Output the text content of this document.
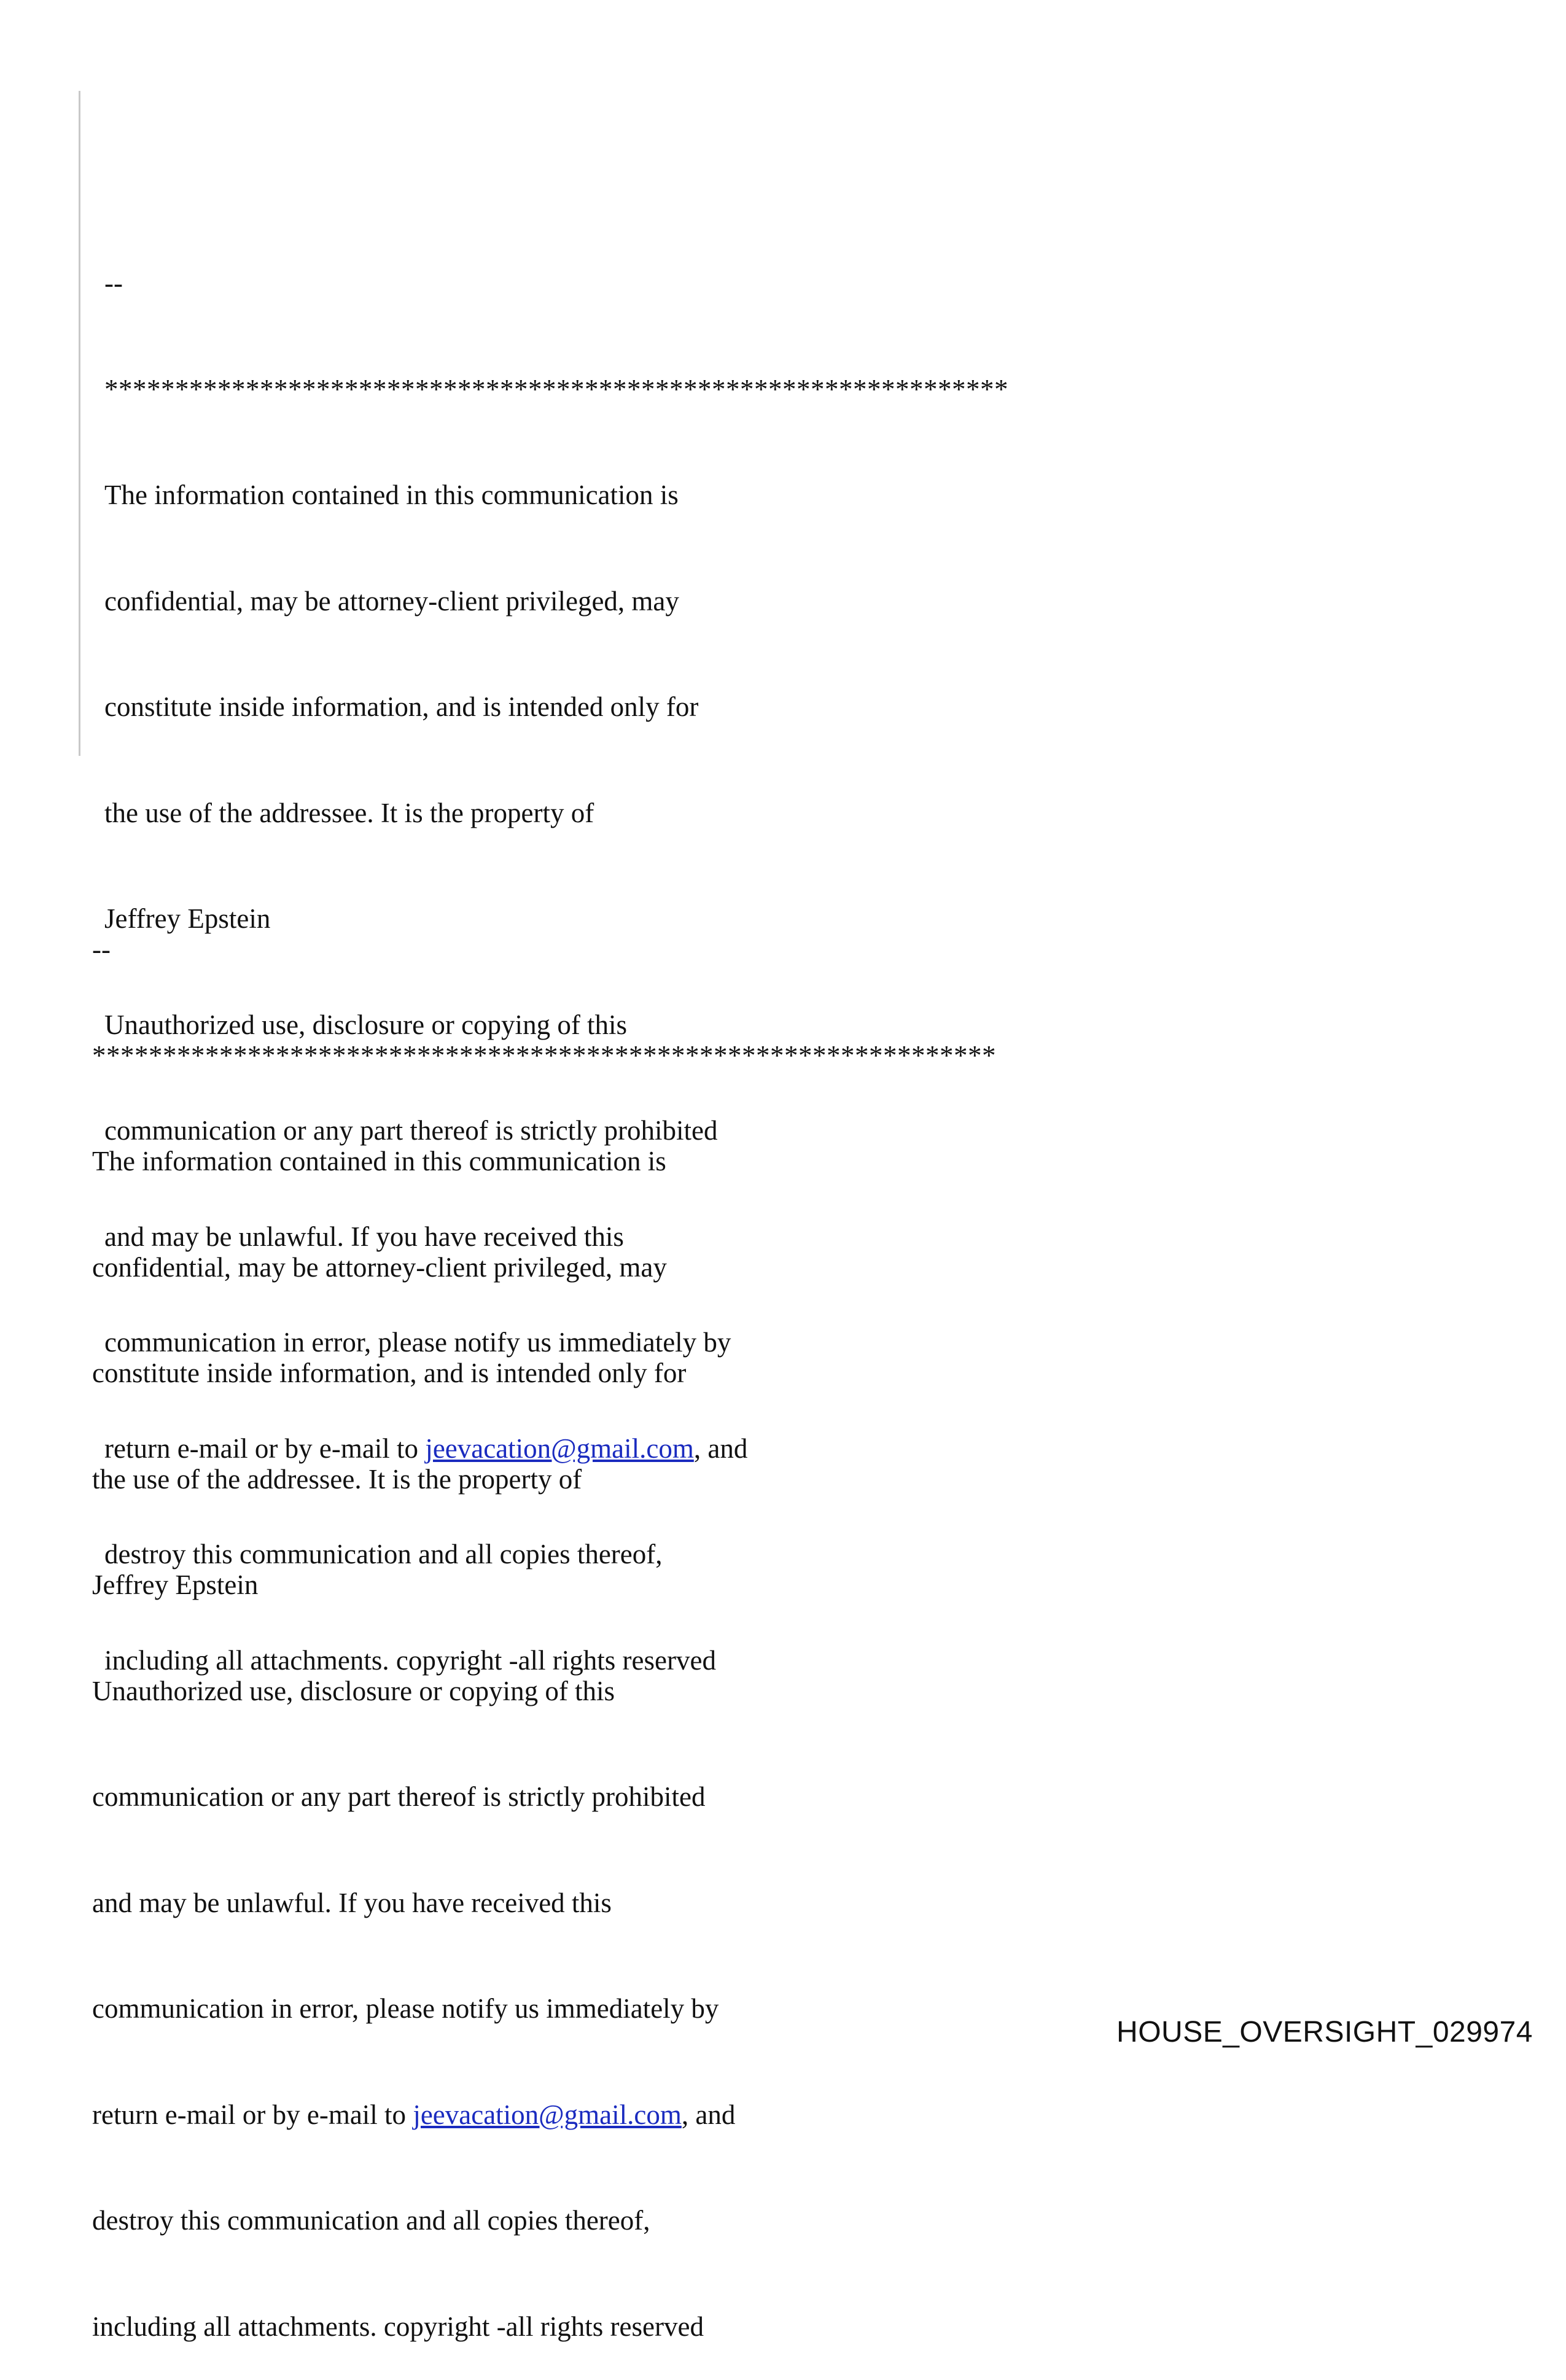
--

****************************************************************

The information contained in this communication is

confidential, may be attorney-client privileged, may

constitute inside information, and is intended only for

the use of the addressee. It is the property of

Jeffrey Epstein

Unauthorized use, disclosure or copying of this

communication or any part thereof is strictly prohibited

and may be unlawful. If you have received this

communication in error, please notify us immediately by

return e-mail or by e-mail to jeevacation@gmail.com, and

destroy this communication and all copies thereof,

including all attachments. copyright -all rights reserved

--

****************************************************************

The information contained in this communication is

confidential, may be attorney-client privileged, may

constitute inside information, and is intended only for

the use of the addressee. It is the property of

Jeffrey Epstein

Unauthorized use, disclosure or copying of this

communication or any part thereof is strictly prohibited

and may be unlawful. If you have received this

communication in error, please notify us immediately by

return e-mail or by e-mail to jeevacation@gmail.com, and

destroy this communication and all copies thereof,

including all attachments. copyright -all rights reserved

HOUSE_OVERSIGHT_029974
